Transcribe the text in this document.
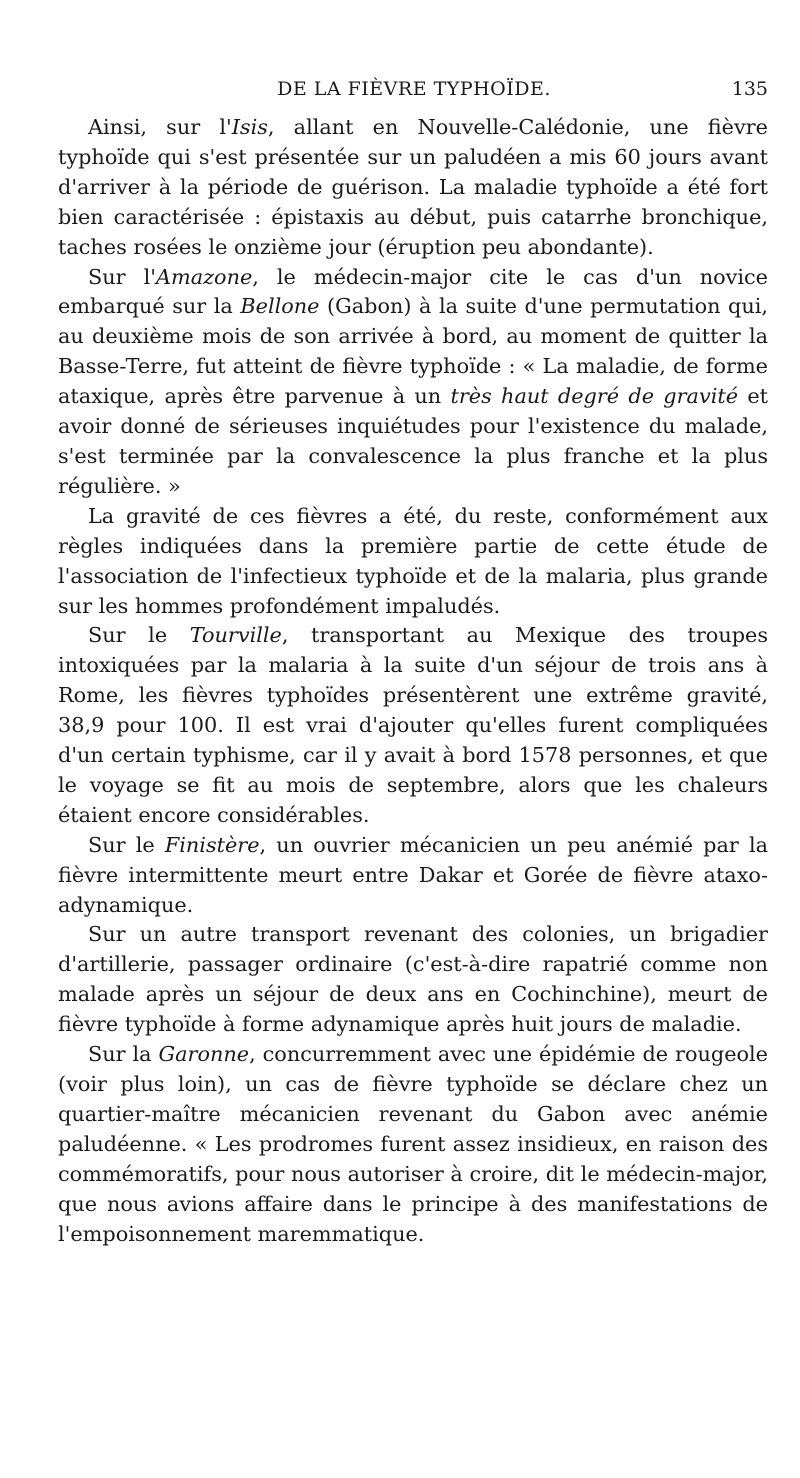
DE LA FIÈVRE TYPHOÏDE.	135

Ainsi, sur l'Isis, allant en Nouvelle-Calédonie, une fièvre typhoïde qui s'est présentée sur un paludéen a mis 60 jours avant d'arriver à la période de guérison. La maladie typhoïde a été fort bien caractérisée : épistaxis au début, puis catarrhe bronchique, taches rosées le onzième jour (éruption peu abondante).

Sur l'Amazone, le médecin-major cite le cas d'un novice embarqué sur la Bellone (Gabon) à la suite d'une permutation qui, au deuxième mois de son arrivée à bord, au moment de quitter la Basse-Terre, fut atteint de fièvre typhoïde : « La maladie, de forme ataxique, après être parvenue à un très haut degré de gravité et avoir donné de sérieuses inquiétudes pour l'existence du malade, s'est terminée par la convalescence la plus franche et la plus régulière. »

La gravité de ces fièvres a été, du reste, conformément aux règles indiquées dans la première partie de cette étude de l'association de l'infectieux typhoïde et de la malaria, plus grande sur les hommes profondément impaludés.

Sur le Tourville, transportant au Mexique des troupes intoxiquées par la malaria à la suite d'un séjour de trois ans à Rome, les fièvres typhoïdes présentèrent une extrême gravité, 38,9 pour 100. Il est vrai d'ajouter qu'elles furent compliquées d'un certain typhisme, car il y avait à bord 1578 personnes, et que le voyage se fit au mois de septembre, alors que les chaleurs étaient encore considérables.

Sur le Finistère, un ouvrier mécanicien un peu anémié par la fièvre intermittente meurt entre Dakar et Gorée de fièvre ataxo-adynamique.

Sur un autre transport revenant des colonies, un brigadier d'artillerie, passager ordinaire (c'est-à-dire rapatrié comme non malade après un séjour de deux ans en Cochinchine), meurt de fièvre typhoïde à forme adynamique après huit jours de maladie.

Sur la Garonne, concurremment avec une épidémie de rougeole (voir plus loin), un cas de fièvre typhoïde se déclare chez un quartier-maître mécanicien revenant du Gabon avec anémie paludéenne. « Les prodromes furent assez insidieux, en raison des commémoratifs, pour nous autoriser à croire, dit le médecin-major, que nous avions affaire dans le principe à des manifestations de l'empoisonnement maremmatique.
